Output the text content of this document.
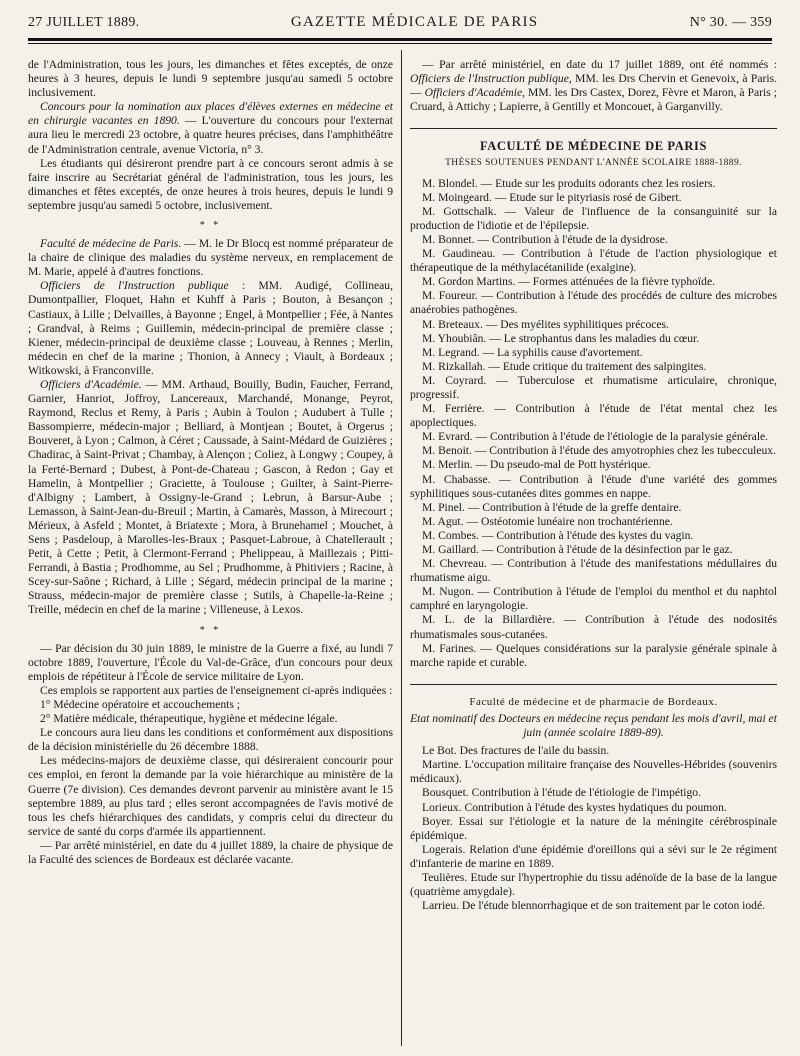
27 JUILLET 1889.	GAZETTE MÉDICALE DE PARIS	N° 30. — 359

de l'Administration, tous les jours, les dimanches et fêtes exceptés, de onze heures à 3 heures, depuis le lundi 9 septembre jusqu'au samedi 5 octobre inclusivement.

Concours pour la nomination aux places d'élèves externes en médecine et en chirurgie vacantes en 1890. — L'ouverture du concours pour l'externat aura lieu le mercredi 23 octobre, à quatre heures précises, dans l'amphithéâtre de l'Administration centrale, avenue Victoria, n° 3.

Les étudiants qui désireront prendre part à ce concours seront admis à se faire inscrire au Secrétariat général de l'administration, tous les jours, les dimanches et fêtes exceptés, de onze heures à trois heures, depuis le lundi 9 septembre jusqu'au samedi 5 octobre, inclusivement.

* *

Faculté de médecine de Paris. — M. le Dr Blocq est nommé préparateur de la chaire de clinique des maladies du système nerveux, en remplacement de M. Marie, appelé à d'autres fonctions.

Officiers de l'Instruction publique : MM. Audigé, Collineau, Dumontpallier, Floquet, Hahn et Kuhff à Paris ; Bouton, à Besançon ; Castiaux, à Lille ; Delvailles, à Bayonne ; Engel, à Montpellier ; Fée, à Nantes ; Grandval, à Reims ; Guillemin, médecin-principal de première classe ; Kiener, médecin-principal de deuxième classe ; Louveau, à Rennes ; Merlin, médecin en chef de la marine ; Thonion, à Annecy ; Viault, à Bordeaux ; Witkowski, à Franconville.

Officiers d'Académie. — MM. Arthaud, Bouilly, Budin, Faucher, Ferrand, Garnier, Hanriot, Joffroy, Lancereaux, Marchandé, Monange, Peyrot, Raymond, Reclus et Remy, à Paris ; Aubin à Toulon ; Audubert à Tulle ; Bassompierre, médecin-major ; Belliard, à Montjean ; Boutet, à Orgerus ; Bouveret, à Lyon ; Calmon, à Céret ; Caussade, à Saint-Médard de Guizières ; Chadirac, à Saint-Privat ; Chambay, à Alençon ; Coliez, à Longwy ; Coupey, à la Ferté-Bernard ; Dubest, à Pont-de-Chateau ; Gascon, à Redon ; Gay et Hamelin, à Montpellier ; Graciette, à Toulouse ; Guilter, à Saint-Pierre-d'Albigny ; Lambert, à Ossigny-le-Grand ; Lebrun, à Barsur-Aube ; Lemasson, à Saint-Jean-du-Breuil ; Martin, à Camarès, Masson, à Mirecourt ; Mérieux, à Asfeld ; Montet, à Briatexte ; Mora, à Brunehamel ; Mouchet, à Sens ; Pasdeloup, à Marolles-les-Braux ; Pasquet-Labroue, à Chatellerault ; Petit, à Cette ; Petit, à Clermont-Ferrand ; Phelippeau, à Maillezais ; Pitti-Ferrandi, à Bastia ; Prodhomme, au Sel ; Prudhomme, à Phitiviers ; Racine, à Scey-sur-Saône ; Richard, à Lille ; Ségard, médecin principal de la marine ; Strauss, médecin-major de première classe ; Sutils, à Chapelle-la-Reine ; Treille, médecin en chef de la marine ; Villeneuse, à Lexos.

* *

— Par décision du 30 juin 1889, le ministre de la Guerre a fixé, au lundi 7 octobre 1889, l'ouverture, l'École du Val-de-Grâce, d'un concours pour deux emplois de répétiteur à l'École de service militaire de Lyon.

Ces emplois se rapportent aux parties de l'enseignement ci-après indiquées :

1° Médecine opératoire et accouchements ;

2° Matière médicale, thérapeutique, hygiène et médecine légale.

Le concours aura lieu dans les conditions et conformément aux dispositions de la décision ministérielle du 26 décembre 1888.

Les médecins-majors de deuxième classe, qui désireraient concourir pour ces emploi, en feront la demande par la voie hiérarchique au ministère de la Guerre (7e division). Ces demandes devront parvenir au ministère avant le 15 septembre 1889, au plus tard ; elles seront accompagnées de l'avis motivé de tous les chefs hiérarchiques des candidats, y compris celui du directeur du service de santé du corps d'armée ils appartiennent.

— Par arrêté ministériel, en date du 4 juillet 1889, la chaire de physique de la Faculté des sciences de Bordeaux est déclarée vacante.

— Par arrêté ministériel, en date du 17 juillet 1889, ont été nommés : Officiers de l'Instruction publique, MM. les Drs Chervin et Genevoix, à Paris. — Officiers d'Académie, MM. les Drs Castex, Dorez, Fèvre et Maron, à Paris ; Cruard, à Attichy ; Lapierre, à Gentilly et Moncouet, à Garganvilly.

FACULTÉ DE MÉDECINE DE PARIS
THÈSES SOUTENUES PENDANT L'ANNÉE SCOLAIRE 1888-1889.

M. Blondel. — Etude sur les produits odorants chez les rosiers.

M. Moingeard. — Etude sur le pityriasis rosé de Gibert.

M. Gottschalk. — Valeur de l'influence de la consanguinité sur la production de l'idiotie et de l'épilepsie.

M. Bonnet. — Contribution à l'étude de la dysidrose.

M. Gaudineau. — Contribution à l'étude de l'action physiologique et thérapeutique de la méthylacétanilide (exalgine).

M. Gordon Martins. — Formes atténuées de la fièvre typhoïde.

M. Foureur. — Contribution à l'étude des procédés de culture des microbes anaérobies pathogènes.

M. Breteaux. — Des myélites syphilitiques précoces.

M. Yhoubiân. — Le strophantus dans les maladies du cœur.

M. Legrand. — La syphilis cause d'avortement.

M. Rizkallah. — Etude critique du traitement des salpingites.

M. Coyrard. — Tuberculose et rhumatisme articulaire, chronique, progressif.

M. Ferrière. — Contribution à l'étude de l'état mental chez les apoplectiques.

M. Evrard. — Contribution à l'étude de l'étiologie de la paralysie générale.

M. Benoit. — Contribution à l'étude des amyotrophies chez les tubecculeux.

M. Merlin. — Du pseudo-mal de Pott hystérique.

M. Chabasse. — Contribution à l'étude d'une variété des gommes syphilitiques sous-cutanées dites gommes en nappe.

M. Pinel. — Contribution à l'étude de la greffe dentaire.

M. Agut. — Ostéotomie lunéaire non trochantérienne.

M. Combes. — Contribution à l'étude des kystes du vagin.

M. Gaillard. — Contribution à l'étude de la désinfection par le gaz.

M. Chevreau. — Contribution à l'étude des manifestations médullaires du rhumatisme aigu.

M. Nugon. — Contribution à l'étude de l'emploi du menthol et du naphtol camphré en laryngologie.

M. L. de la Billardière. — Contribution à l'étude des nodosités rhumatismales sous-cutanées.

M. Farines. — Quelques considérations sur la paralysie générale spinale à marche rapide et curable.

Faculté de médecine et de pharmacie de Bordeaux.
Etat nominatif des Docteurs en médecine reçus pendant les mois d'avril, mai et juin (année scolaire 1889-89).

Le Bot. Des fractures de l'aile du bassin.

Martine. L'occupation militaire française des Nouvelles-Hébrides (souvenirs médicaux).

Bousquet. Contribution à l'étude de l'étiologie de l'impétigo.

Lorieux. Contribution à l'étude des kystes hydatiques du poumon.

Boyer. Essai sur l'étiologie et la nature de la méningite cérébrospinale épidémique.

Logerais. Relation d'une épidémie d'oreillons qui a sévi sur le 2e régiment d'infanterie de marine en 1889.

Teulières. Etude sur l'hypertrophie du tissu adénoïde de la base de la langue (quatrième amygdale).

Larrieu. De l'étude blennorrhagique et de son traitement par le coton iodé.
